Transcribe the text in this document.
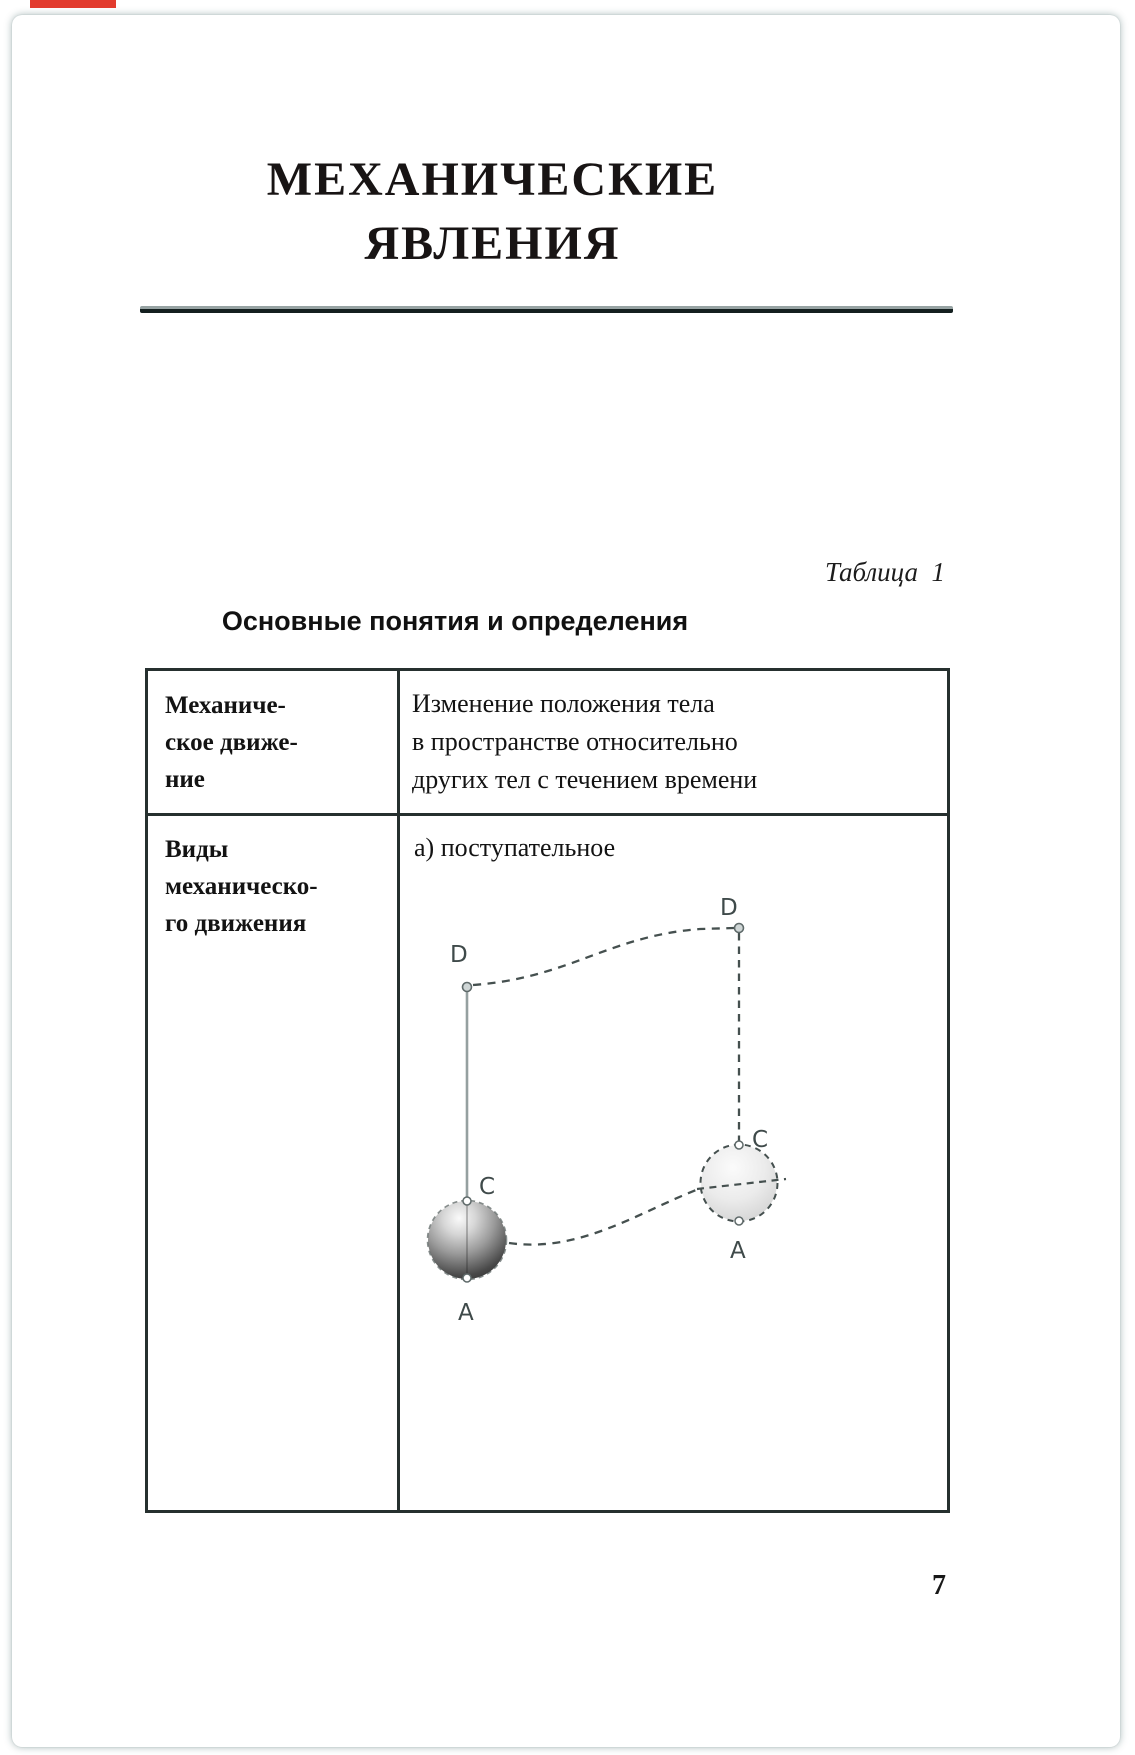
МЕХАНИЧЕСКИЕ ЯВЛЕНИЯ
Таблица  1
Основные понятия и определения
Механиче-
ское движе-
ние
Изменение положения тела
в пространстве относительно
других тел с течением времени
Виды
механическо-
го движения
а) поступательное
D
D
C
C
A
A
7
